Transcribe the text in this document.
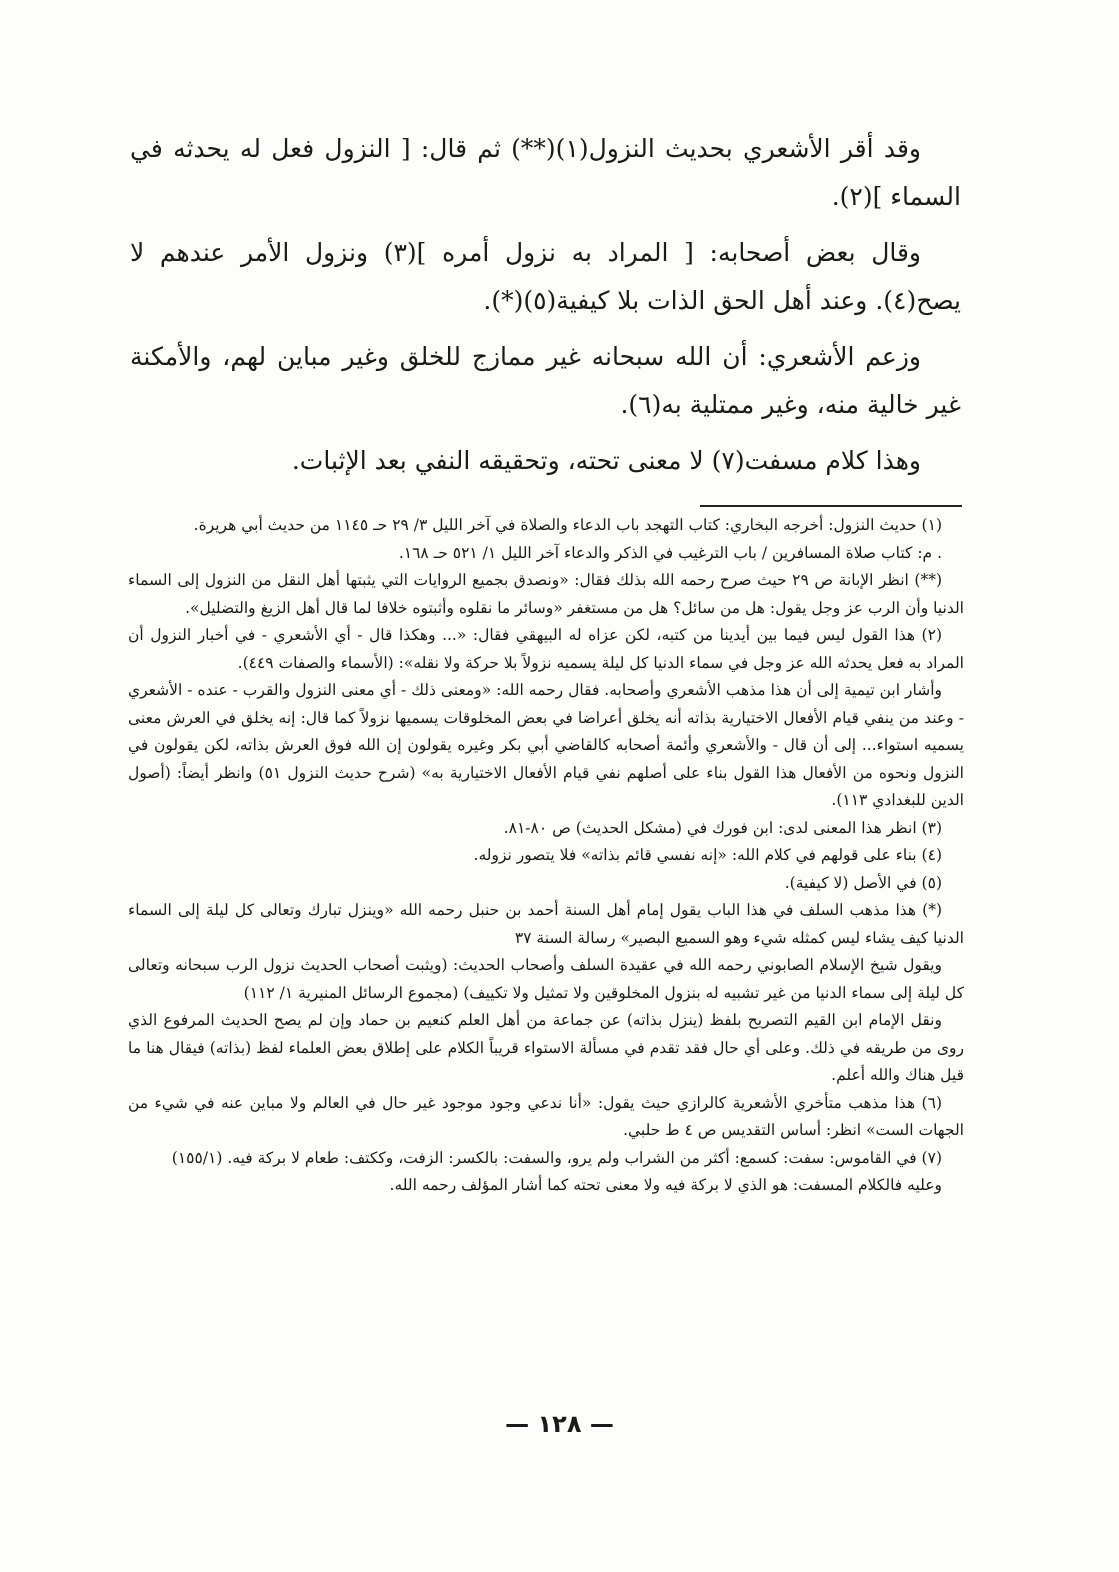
وقد أقر الأشعري بحديث النزول(١)(**) ثم قال: [ النزول فعل له يحدثه في السماء ](٢).

وقال بعض أصحابه: [ المراد به نزول أمره ](٣) ونزول الأمر عندهم لا يصح(٤). وعند أهل الحق الذات بلا كيفية(٥)(*).

وزعم الأشعري: أن الله سبحانه غير ممازج للخلق وغير مباين لهم، والأمكنة غير خالية منه، وغير ممتلية به(٦).

وهذا كلام مسفت(٧) لا معنى تحته، وتحقيقه النفي بعد الإثبات.

(١) حديث النزول: أخرجه البخاري: كتاب التهجد باب الدعاء والصلاة في آخر الليل ٣/ ٢٩ حـ ١١٤٥ من حديث أبي هريرة.

. م: كتاب صلاة المسافرين / باب الترغيب في الذكر والدعاء آخر الليل ١/ ٥٢١ حـ ١٦٨.

(**) انظر الإبانة ص ٢٩ حيث صرح رحمه الله بذلك فقال: «ونصدق بجميع الروايات التي يثبتها أهل النقل من النزول إلى السماء الدنيا وأن الرب عز وجل يقول: هل من سائل؟ هل من مستغفر «وسائر ما نقلوه وأثبتوه خلافا لما قال أهل الزيغ والتضليل».

(٢) هذا القول ليس فيما بين أيدينا من كتبه، لكن عزاه له البيهقي فقال: «... وهكذا قال - أي الأشعري - في أخبار النزول أن المراد به فعل يحدثه الله عز وجل في سماء الدنيا كل ليلة يسميه نزولاً بلا حركة ولا نقله»: (الأسماء والصفات ٤٤٩).

وأشار ابن تيمية إلى أن هذا مذهب الأشعري وأصحابه. فقال رحمه الله: «ومعنى ذلك - أي معنى النزول والقرب - عنده - الأشعري - وعند من ينفي قيام الأفعال الاختيارية بذاته أنه يخلق أعراضا في بعض المخلوقات يسميها نزولاً كما قال: إنه يخلق في العرش معنى يسميه استواء... إلى أن قال - والأشعري وأئمة أصحابه كالقاضي أبي بكر وغيره يقولون إن الله فوق العرش بذاته، لكن يقولون في النزول ونحوه من الأفعال هذا القول بناء على أصلهم نفي قيام الأفعال الاختيارية به» (شرح حديث النزول ٥١) وانظر أيضاً: (أصول الدين للبغدادي ١١٣).

(٣) انظر هذا المعنى لدى: ابن فورك في (مشكل الحديث) ص ٨٠-٨١.

(٤) بناء على قولهم في كلام الله: «إنه نفسي قائم بذاته» فلا يتصور نزوله.

(٥) في الأصل (لا كيفية).

(*) هذا مذهب السلف في هذا الباب يقول إمام أهل السنة أحمد بن حنبل رحمه الله «وينزل تبارك وتعالى كل ليلة إلى السماء الدنيا كيف يشاء ليس كمثله شيء وهو السميع البصير» رسالة السنة ٣٧

ويقول شيخ الإسلام الصابوني رحمه الله في عقيدة السلف وأصحاب الحديث: (ويثبت أصحاب الحديث نزول الرب سبحانه وتعالى كل ليلة إلى سماء الدنيا من غير تشبيه له بنزول المخلوقين ولا تمثيل ولا تكييف) (مجموع الرسائل المنيرية ١/ ١١٢)

ونقل الإمام ابن القيم التصريح بلفظ (ينزل بذاته) عن جماعة من أهل العلم كنعيم بن حماد وإن لم يصح الحديث المرفوع الذي روى من طريقه في ذلك. وعلى أي حال فقد تقدم في مسألة الاستواء قريباً الكلام على إطلاق بعض العلماء لفظ (بذاته) فيقال هنا ما قيل هناك والله أعلم.

(٦) هذا مذهب متأخري الأشعرية كالرازي حيث يقول: «أنا ندعي وجود موجود غير حال في العالم ولا مباين عنه في شيء من الجهات الست» انظر: أساس التقديس ص ٤ ط حلبي.

(٧) في القاموس: سفت: كسمع: أكثر من الشراب ولم يرو، والسفت: بالكسر: الزفت، وككتف: طعام لا بركة فيه. (١٥٥/١)

وعليه فالكلام المسفت: هو الذي لا بركة فيه ولا معنى تحته كما أشار المؤلف رحمه الله.

— ١٢٨ —
